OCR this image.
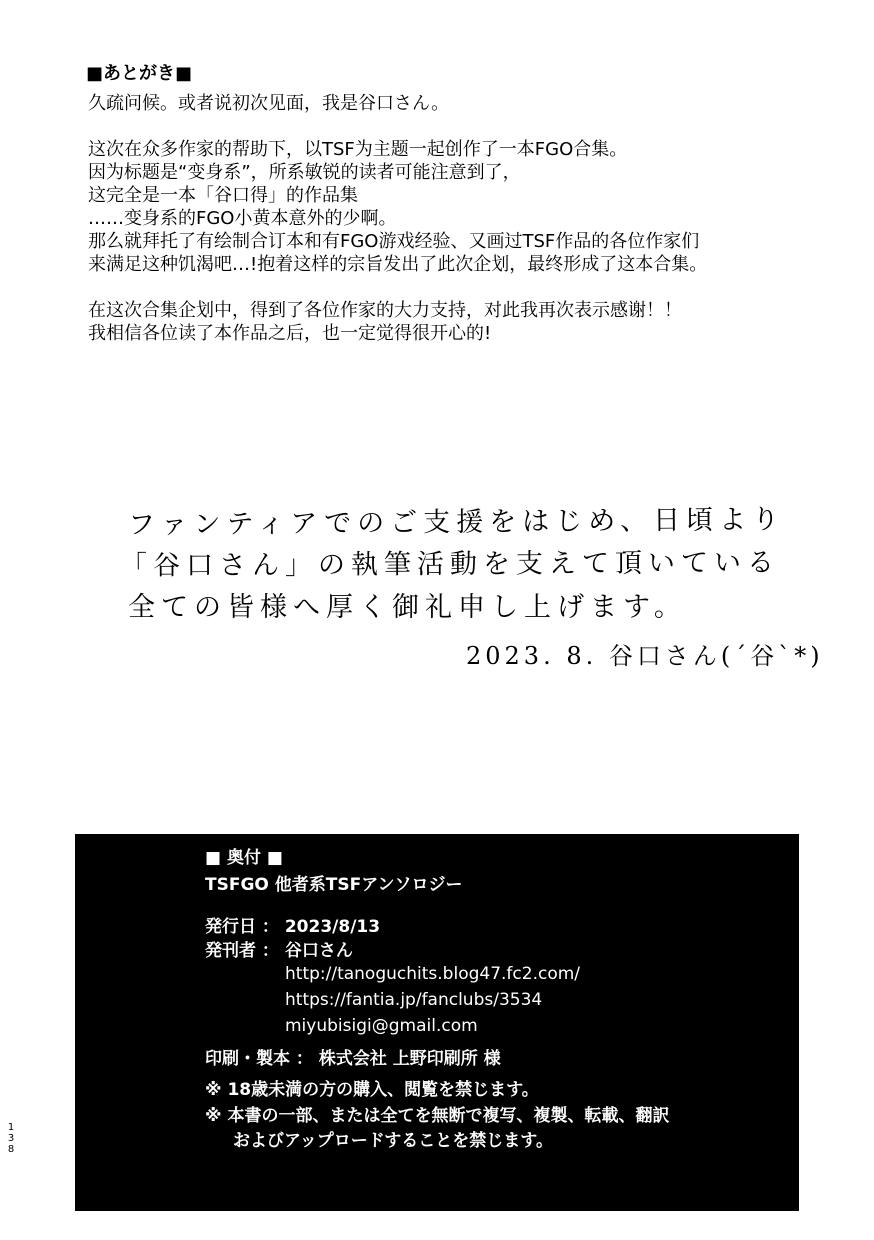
■あとがき■
久疏问候。或者说初次见面，我是谷口さん。
这次在众多作家的帮助下，以TSF为主题一起创作了一本FGO合集。
因为标题是“变身系”，所系敏锐的读者可能注意到了，
这完全是一本「谷口得」的作品集
……变身系的FGO小黄本意外的少啊。
那么就拜托了有绘制合订本和有FGO游戏经验、又画过TSF作品的各位作家们
来满足这种饥渴吧…!抱着这样的宗旨发出了此次企划，最终形成了这本合集。
在这次合集企划中，得到了各位作家的大力支持，对此我再次表示感谢！！
我相信各位读了本作品之后，也一定觉得很开心的!
ファンティアでのご支援をはじめ、日頃より
「谷口さん」の執筆活動を支えて頂いている
全ての皆様へ厚く御礼申し上げます。
2023. 8. 谷口さん(´谷`*)
■ 奥付 ■
TSFGO 他者系TSFアンソロジー
発行日 ： 2023/8/13
発刊者 ： 谷口さん
http://tanoguchits.blog47.fc2.com/
https://fantia.jp/fanclubs/3534
miyubisigi@gmail.com
印刷・製本 ： 株式会社 上野印刷所 様
※ 18歳未満の方の購入、閲覧を禁じます。
※ 本書の一部、または全てを無断で複写、複製、転載、翻訳
およびアップロードすることを禁じます。
1
3
8
